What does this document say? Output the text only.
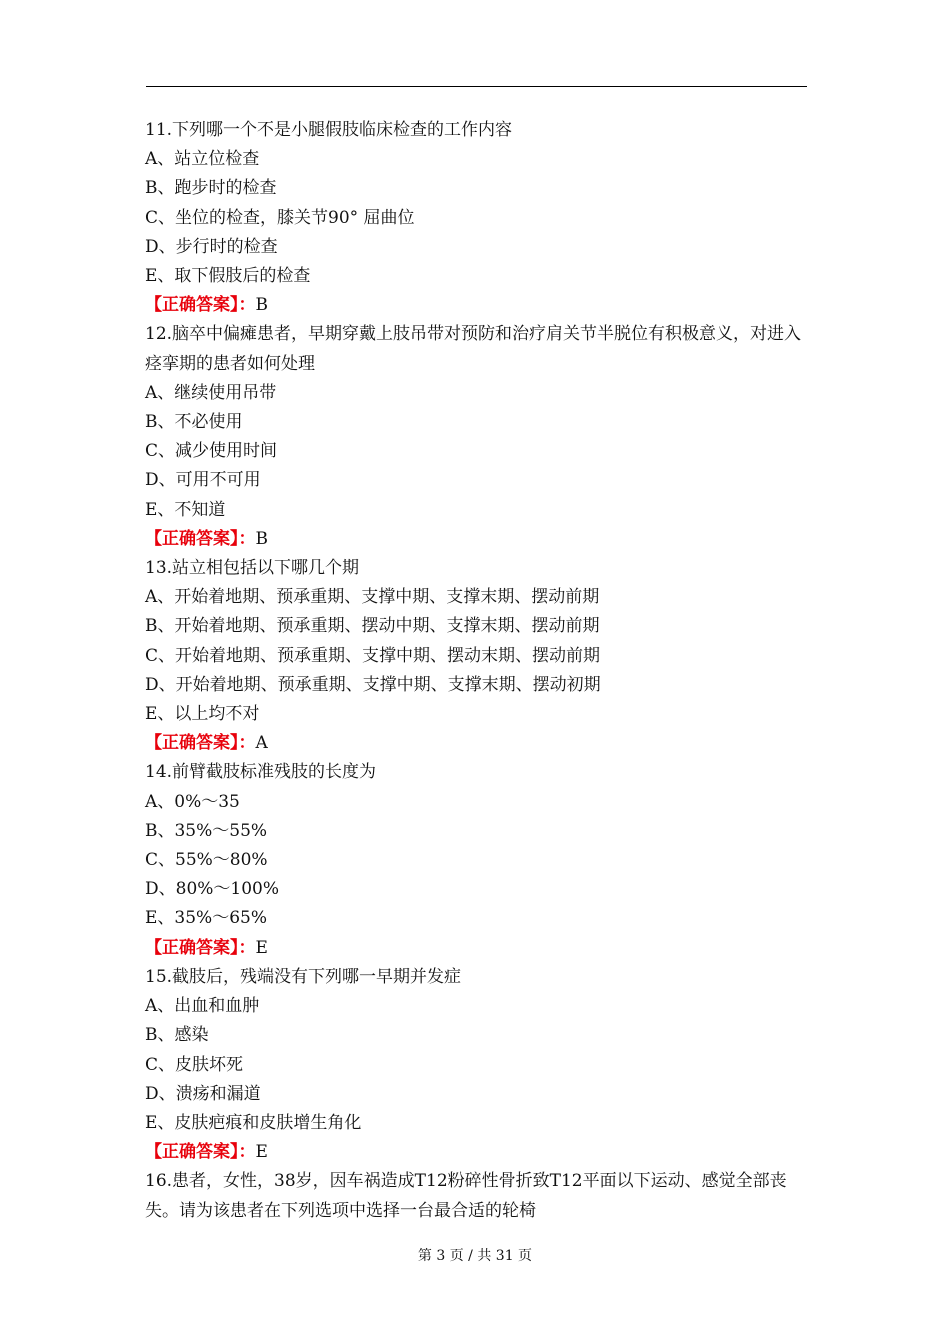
11.下列哪一个不是小腿假肢临床检查的工作内容
A、站立位检查
B、跑步时的检查
C、坐位的检查，膝关节90° 屈曲位
D、步行时的检查
E、取下假肢后的检查
【正确答案】：B
12.脑卒中偏瘫患者，早期穿戴上肢吊带对预防和治疗肩关节半脱位有积极意义，对进入痉挛期的患者如何处理
A、继续使用吊带
B、不必使用
C、减少使用时间
D、可用不可用
E、不知道
【正确答案】：B
13.站立相包括以下哪几个期
A、开始着地期、预承重期、支撑中期、支撑末期、摆动前期
B、开始着地期、预承重期、摆动中期、支撑末期、摆动前期
C、开始着地期、预承重期、支撑中期、摆动末期、摆动前期
D、开始着地期、预承重期、支撑中期、支撑末期、摆动初期
E、以上均不对
【正确答案】：A
14.前臂截肢标准残肢的长度为
A、0%～35
B、35%～55%
C、55%～80%
D、80%～100%
E、35%～65%
【正确答案】：E
15.截肢后，残端没有下列哪一早期并发症
A、出血和血肿
B、感染
C、皮肤坏死
D、溃疡和漏道
E、皮肤疤痕和皮肤增生角化
【正确答案】：E
16.患者，女性，38岁，因车祸造成T12粉碎性骨折致T12平面以下运动、感觉全部丧失。请为该患者在下列选项中选择一台最合适的轮椅
第 3 页 / 共 31 页
